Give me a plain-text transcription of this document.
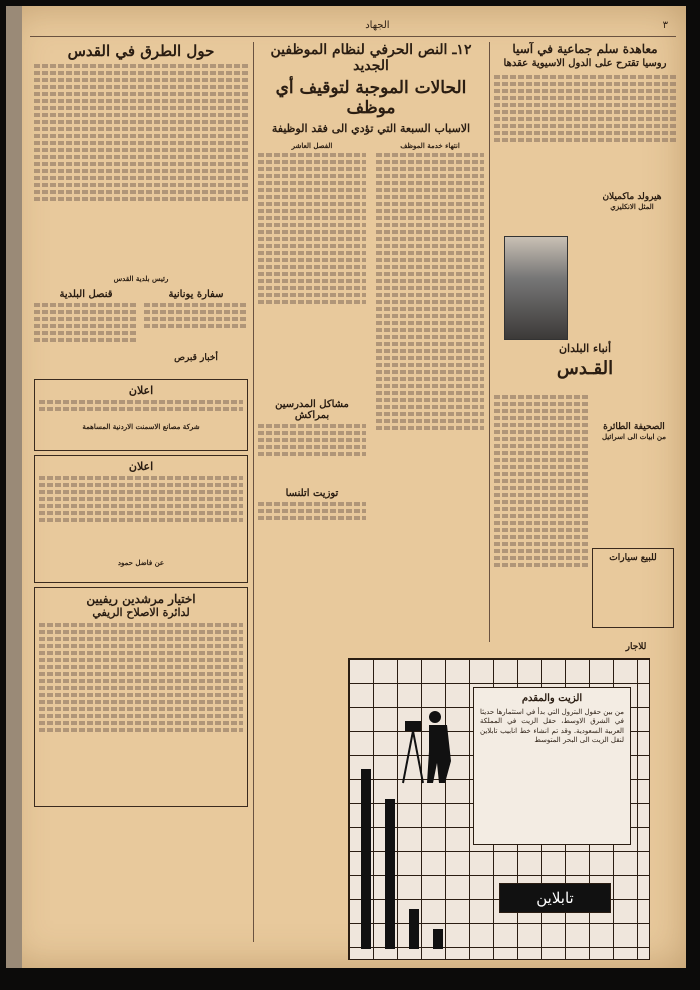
٣
الجهاد
معاهدة سلم جماعية في آسيا
روسيا تقترح على الدول الاسيوية عقدها
هيرولد ماكميلان
المثل الانكليزي
أنباء البلدان
القـدس
الصحيفة الطائرة
من ابيات الى اسرائيل
للبيع سيارات
للاجار
١٢ـ النص الحرفي لنظام الموظفين الجديد
الحالات الموجبة لتوقيف أي موظف
الاسباب السبعة التي تؤدي الى فقد الوظيفة
انتهاء خدمة الموظف
الفصل العاشر
مشاكل المدرسين بمراكش
توزيت اتلنسا
حول الطرق في القدس
رئيس بلدية القدس
سفارة يونانية
أخبار قبرص
قنصل البلدية
اعلان
شركة مصانع الاسمنت الاردنية المساهمة
اعلان
عن فاضل حمود
اختيار مرشدين ريفيين
لدائرة الاصلاح الريفي
الزيت والمقدم
من بين حقول البترول التي بدأ في استثمارها حديثا في الشرق الاوسط، حقل الزيت في المملكة العربية السعودية. وقد تم انشاء خط انابيب تابلاين لنقل الزيت الى البحر المتوسط
تابلاين
